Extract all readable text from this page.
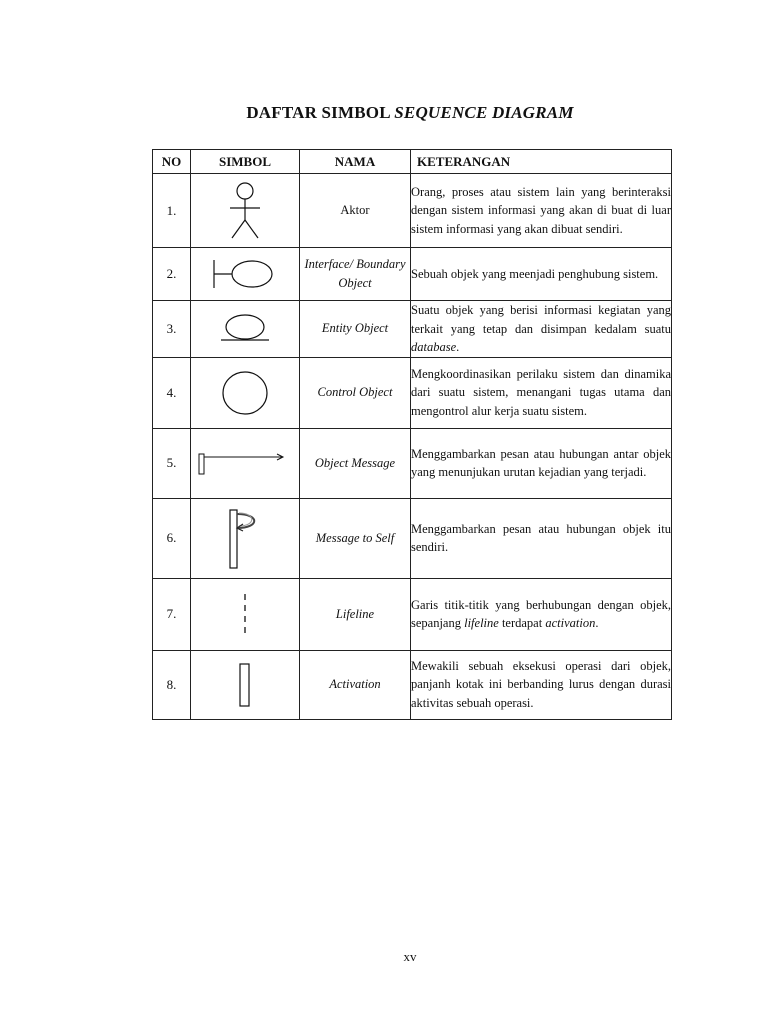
DAFTAR SIMBOL SEQUENCE DIAGRAM
NO	SIMBOL	NAMA	KETERANGAN
1.		Aktor	Orang, proses atau sistem lain yang berinteraksi dengan sistem informasi yang akan di buat di luar sistem informasi yang akan dibuat sendiri.
2.		Interface/ Boundary Object	Sebuah objek yang meenjadi penghubung sistem.
3.		Entity Object	Suatu objek yang berisi informasi kegiatan yang terkait yang tetap dan disimpan kedalam suatu database.
4.		Control Object	Mengkoordinasikan perilaku sistem dan dinamika dari suatu sistem, menangani tugas utama dan mengontrol alur kerja suatu sistem.
5.		Object Message	Menggambarkan pesan atau hubungan antar objek yang menunjukan urutan kejadian yang terjadi.
6.		Message to Self	Menggambarkan pesan atau hubungan objek itu sendiri.
7.		Lifeline	Garis titik-titik yang berhubungan dengan objek, sepanjang lifeline terdapat activation.
8.		Activation	Mewakili sebuah eksekusi operasi dari objek, panjanh kotak ini berbanding lurus dengan durasi aktivitas sebuah operasi.
xv
